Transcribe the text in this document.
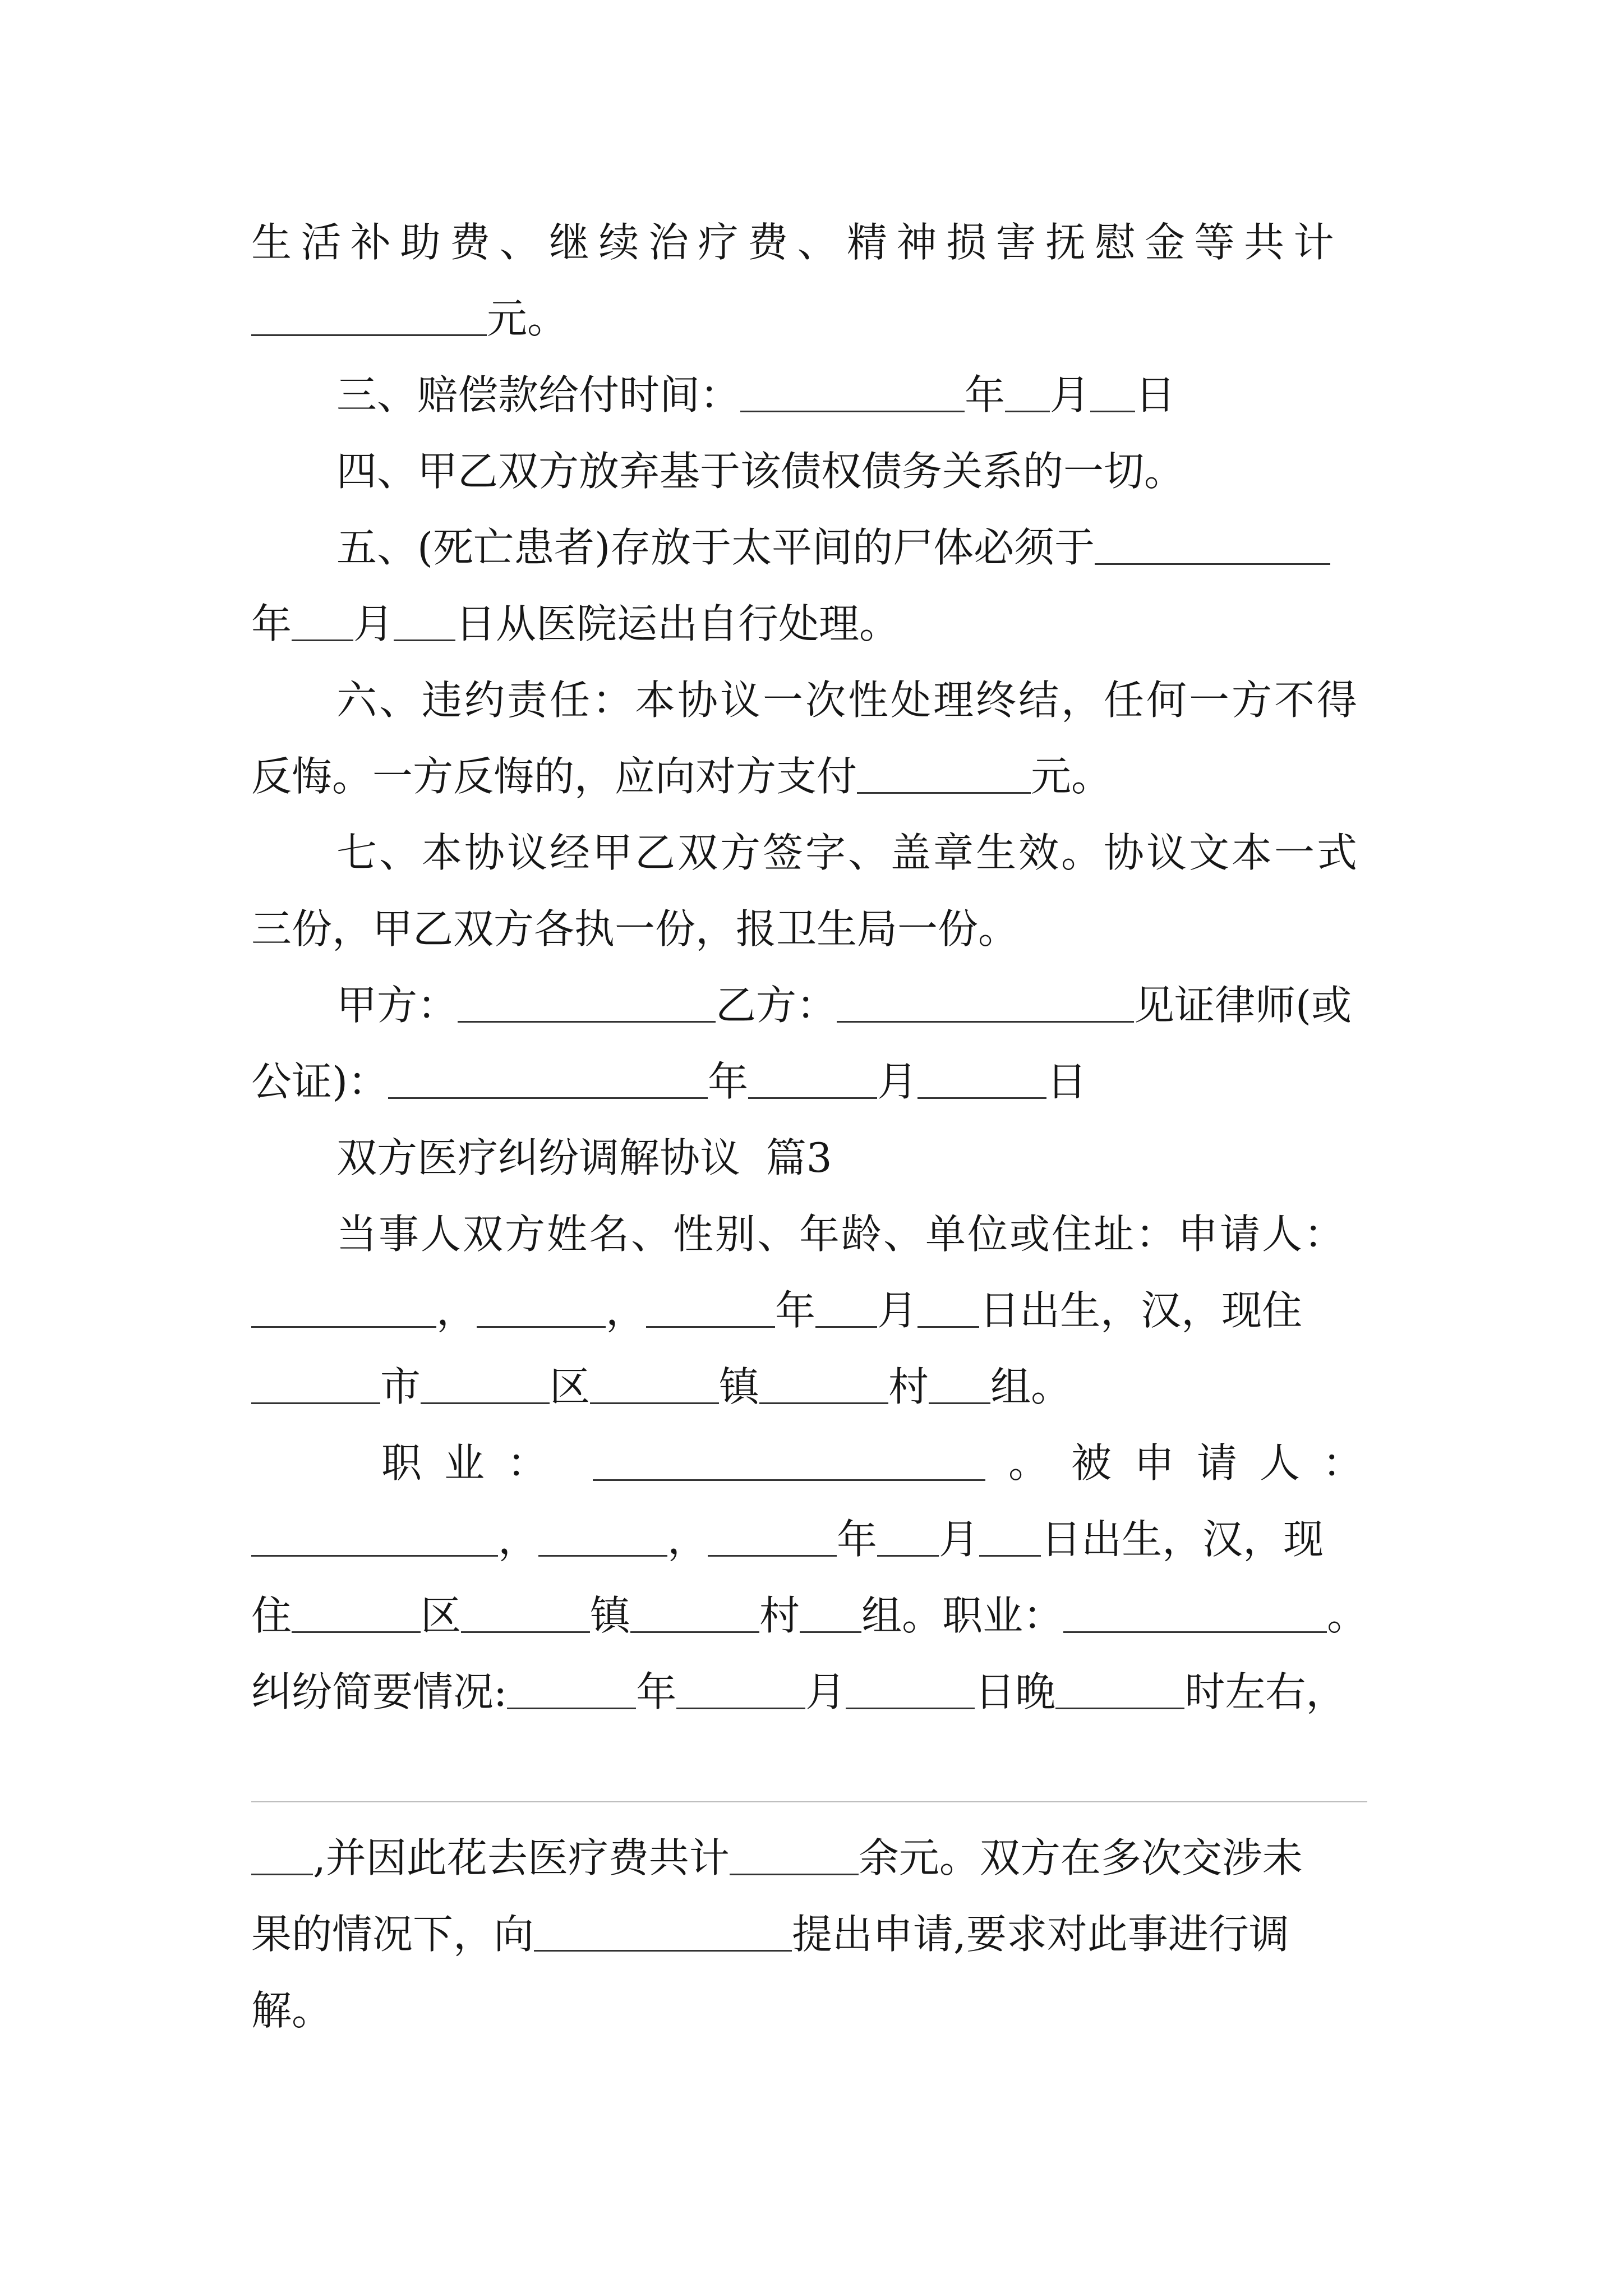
生活补助费、继续治疗费、精神损害抚慰金等共计
元。
三、赔偿款给付时间：	年 月 日
四、甲乙双方放弃基于该债权债务关系的一切。
五、(死亡患者)存放于太平间的尸体必须于
年 月 日从医院运出自行处理。
六、违约责任：本协议一次性处理终结，任何一方不得
反悔。一方反悔的，应向对方支付	元。
七、本协议经甲乙双方签字、盖章生效。协议文本一式
三份，甲乙双方各执一份，报卫生局一份。
甲方：	乙方：	见证律师(或
公证)：	年	月	日
双方医疗纠纷调解协议  篇3
当事人双方姓名、性别、年龄、单位或住址：申请人：
，	，	年 月 日出生，汉，现住
市	区	镇	村 组。
职业：	。被申请人：
，	，	年 月 日出生，汉，现
住	区	镇	村 组。职业：	。
纠纷简要情况:	年	月	日晚	时左右，
,并因此花去医疗费共计	余元。双方在多次交涉未
果的情况下，向	提出申请,要求对此事进行调
解。
